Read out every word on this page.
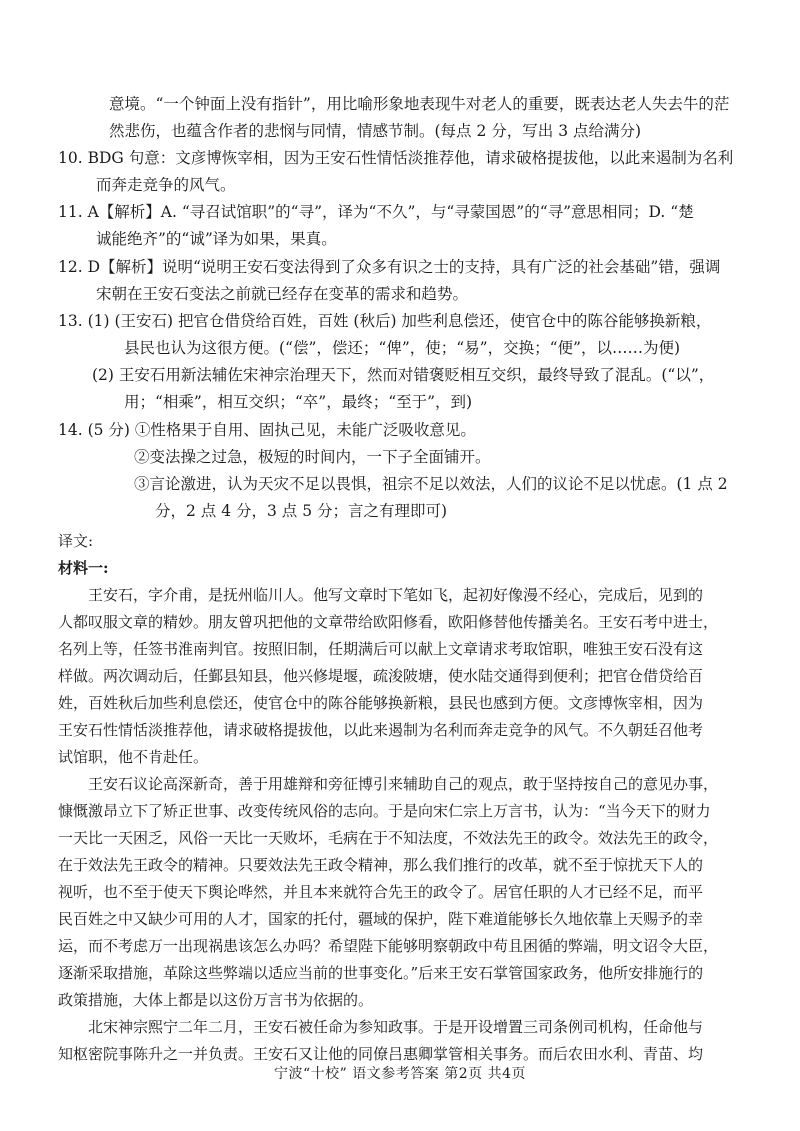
意境。“一个钟面上没有指针”，用比喻形象地表现牛对老人的重要，既表达老人失去牛的茫
然悲伤，也蕴含作者的悲悯与同情，情感节制。(每点 2 分，写出 3 点给满分)
10. BDG 句意：文彦博恢宰相，因为王安石性情恬淡推荐他，请求破格提拔他，以此来遏制为名利
而奔走竞争的风气。
11. A【解析】A. “寻召试馆职”的“寻”，译为“不久”，与“寻蒙国恩”的“寻”意思相同；D. “楚
诚能绝齐”的“诚”译为如果，果真。
12. D【解析】说明“说明王安石变法得到了众多有识之士的支持，具有广泛的社会基础”错，强调
宋朝在王安石变法之前就已经存在变革的需求和趋势。
13. (1) (王安石) 把官仓借贷给百姓，百姓 (秋后) 加些利息偿还，使官仓中的陈谷能够换新粮，
县民也认为这很方便。(“偿”，偿还；“俾”，使；“易”，交换；“便”，以……为便)
(2) 王安石用新法辅佐宋神宗治理天下，然而对错褒贬相互交织，最终导致了混乱。(“以”，
用；“相乘”，相互交织；“卒”，最终；“至于”，到)
14. (5 分) ①性格果于自用、固执己见，未能广泛吸收意见。
②变法操之过急，极短的时间内，一下子全面铺开。
③言论激进，认为天灾不足以畏惧，祖宗不足以效法，人们的议论不足以忧虑。(1 点 2
分，2 点 4 分，3 点 5 分；言之有理即可)
译文:
材料一:
王安石，字介甫，是抚州临川人。他写文章时下笔如飞，起初好像漫不经心，完成后，见到的
人都叹服文章的精妙。朋友曾巩把他的文章带给欧阳修看，欧阳修替他传播美名。王安石考中进士，
名列上等，任签书淮南判官。按照旧制，任期满后可以献上文章请求考取馆职，唯独王安石没有这
样做。两次调动后，任鄞县知县，他兴修堤堰，疏浚陂塘，使水陆交通得到便利；把官仓借贷给百
姓，百姓秋后加些利息偿还，使官仓中的陈谷能够换新粮，县民也感到方便。文彦博恢宰相，因为
王安石性情恬淡推荐他，请求破格提拔他，以此来遏制为名利而奔走竞争的风气。不久朝廷召他考
试馆职，他不肯赴任。
王安石议论高深新奇，善于用雄辩和旁征博引来辅助自己的观点，敢于坚持按自己的意见办事，
慷慨激昂立下了矫正世事、改变传统风俗的志向。于是向宋仁宗上万言书，认为：“当今天下的财力
一天比一天困乏，风俗一天比一天败坏，毛病在于不知法度，不效法先王的政令。效法先王的政令，
在于效法先王政令的精神。只要效法先王政令精神，那么我们推行的改革，就不至于惊扰天下人的
视听，也不至于使天下舆论哗然，并且本来就符合先王的政令了。居官任职的人才已经不足，而平
民百姓之中又缺少可用的人才，国家的托付，疆域的保护，陛下难道能够长久地依靠上天赐予的幸
运，而不考虑万一出现祸患该怎么办吗？希望陛下能够明察朝政中苟且困循的弊端，明文诏令大臣，
逐渐采取措施，革除这些弊端以适应当前的世事变化。”后来王安石掌管国家政务，他所安排施行的
政策措施，大体上都是以这份万言书为依据的。
北宋神宗熙宁二年二月，王安石被任命为参知政事。于是开设增置三司条例司机构，任命他与
知枢密院事陈升之一并负责。王安石又让他的同僚吕惠卿掌管相关事务。而后农田水利、青苗、均
宁波“十校” 语文参考答案 第2页 共4页
